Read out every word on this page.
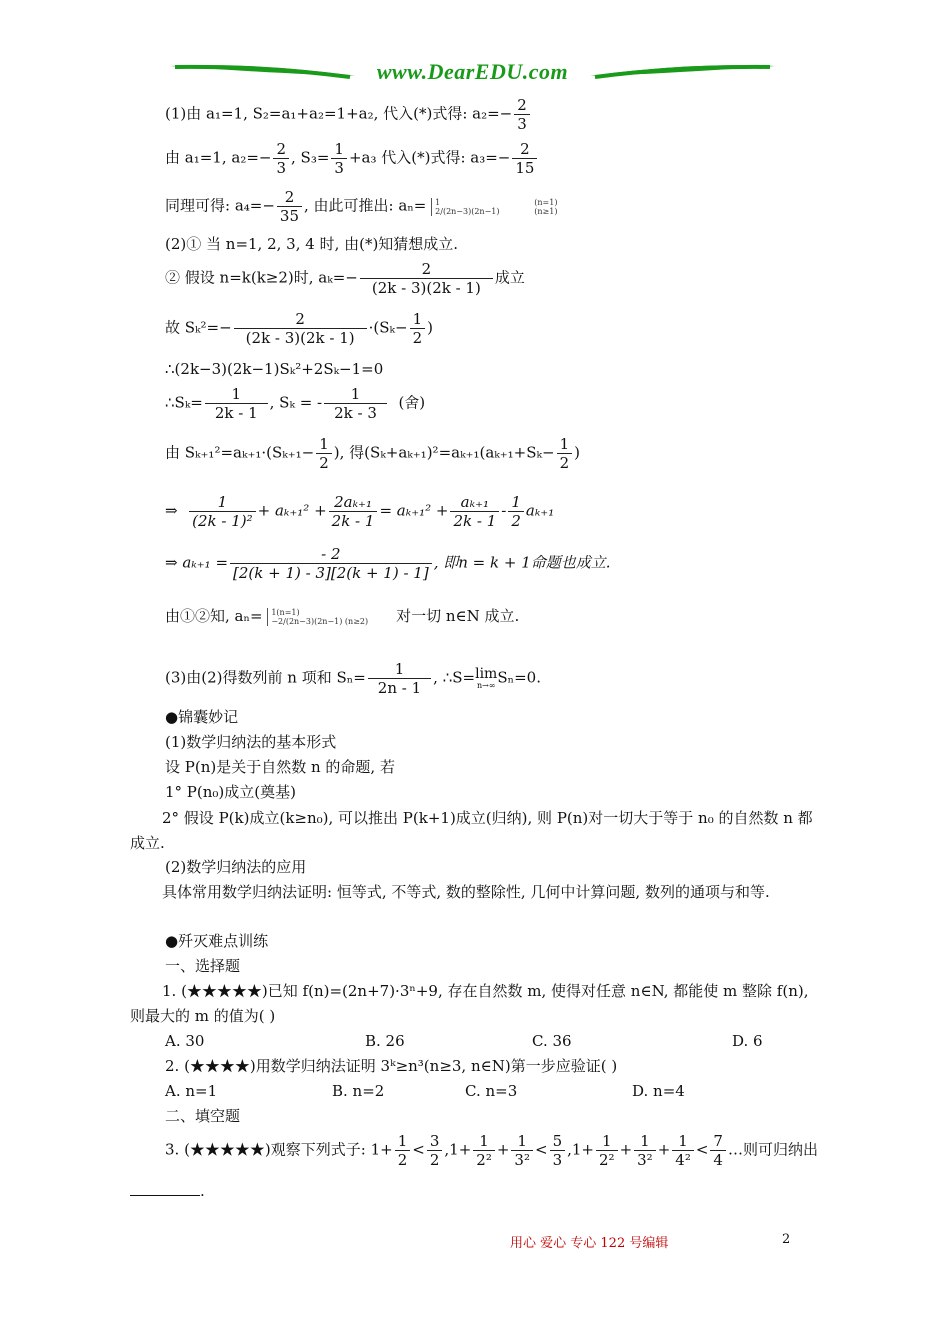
www.DearEDU.com
(1)由 a₁=1, S₂=a₁+a₂=1+a₂, 代入(*)式得: $a_2=- \frac{2}{3}$
由 a₁=1, $a_2=- \frac{2}{3}$ , $S_3= \frac{1}{3} +a_3$ 代入(*)式得: $a_3=- \frac{2}{15}$
同理可得: $a_4=- \frac{2}{35}$ , 由此可推出: aₙ= 1
2/(2n−3)(2n−1)

(n=1)
(n≥1)
(2)① 当 n=1, 2, 3, 4 时, 由(*)知猜想成立.
② 假设 n=k(k≥2)时, $a_k=- \frac{2}{(2k - 3)(2k - 1)}$ 成立
故 $S_k^2=- \frac{2}{(2k - 3)(2k - 1)} \cdot(S_k- \frac{1}{2}$ )
∴(2k−3)(2k−1)Sₖ²+2Sₖ−1=0
∴Sₖ= $\frac{1}{2k - 1}$ , Sₖ = - $\frac{1}{2k - 3}$ (舍)
由 $S_{k+1}^2=a_{k+1}\cdot(S_{k+1}- \frac{1}{2}$ ), 得$(S_k+a_{k+1})^2=a_{k+1}(a_{k+1}+S_k- \frac{1}{2}$ )
⇒ $\frac{1}{\text{(2k - 1)²}} + a_{k+1}^2 + \frac{\text{2aₖ₊₁}}{2k - 1} = a_{k+1}^2 + \frac{\text{aₖ₊₁}}{2k - 1} - \frac{1}{2} a_{k+1}$
⇒ $a_{k+1} = \frac{- 2}{[2(k + 1) - 3][2(k + 1) - 1]}$ , 即n = k + 1命题也成立.
由①②知, aₙ= 1(n=1)
−2/(2n−3)(2n−1) (n≥2)	对一切 n∈N 成立.
(3)由(2)得数列前 n 项和 $S_n= \frac{1}{2n - 1}$ , ∴S=lim
n→∞ Sₙ=0.
●锦囊妙记
(1)数学归纳法的基本形式
设 P(n)是关于自然数 n 的命题, 若
1° P(n₀)成立(奠基)
2° 假设 P(k)成立(k≥n₀), 可以推出 P(k+1)成立(归纳), 则 P(n)对一切大于等于 n₀ 的自然数 n 都成立.
(2)数学归纳法的应用
具体常用数学归纳法证明: 恒等式, 不等式, 数的整除性, 几何中计算问题, 数列的通项与和等.
●歼灭难点训练
一、选择题
1. (★★★★★)已知 f(n)=(2n+7)·3ⁿ+9, 存在自然数 m, 使得对任意 n∈N, 都能使 m 整除 f(n), 则最大的 m 的值为( )
A. 30	B. 26	C. 36	D. 6
2. (★★★★)用数学归纳法证明 3ᵏ≥n³(n≥3, n∈N)第一步应验证( )
A. n=1	B. n=2	C. n=3	D. n=4
二、填空题
3. (★★★★★)观察下列式子: $1+ \frac{1}{2} < \frac{3}{2} ,1+ \frac{1}{\text{2²}} + \frac{1}{\text{3²}} < \frac{5}{3} ,1+ \frac{1}{\text{2²}} + \frac{1}{\text{3²}} + \frac{1}{\text{4²}} < \frac{7}{4}$ …则可归纳出
.
用心 爱心 专心 122 号编辑	2
